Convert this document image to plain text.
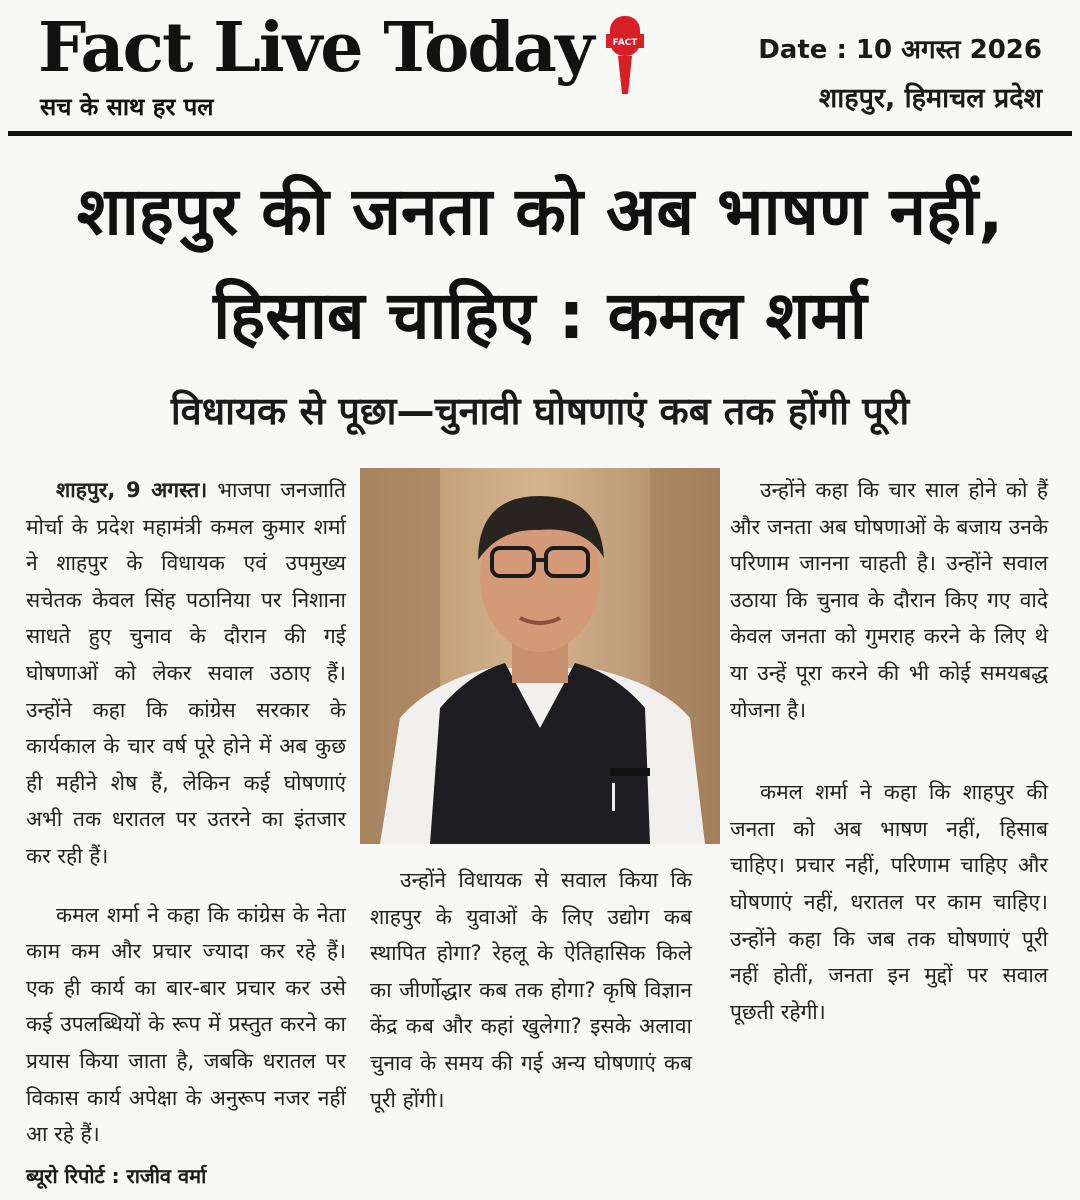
Fact Live Today FACT
सच के साथ हर पल
Date : 10 अगस्त 2026
शाहपुर, हिमाचल प्रदेश
शाहपुर की जनता को अब भाषण नहीं,
हिसाब चाहिए : कमल शर्मा
विधायक से पूछा—चुनावी घोषणाएं कब तक होंगी पूरी

शाहपुर, 9 अगस्त। भाजपा जनजाति मोर्चा के प्रदेश महामंत्री कमल कुमार शर्मा ने शाहपुर के विधायक एवं उपमुख्य सचेतक केवल सिंह पठानिया पर निशाना साधते हुए चुनाव के दौरान की गई घोषणाओं को लेकर सवाल उठाए हैं। उन्होंने कहा कि कांग्रेस सरकार के कार्यकाल के चार वर्ष पूरे होने में अब कुछ ही महीने शेष हैं, लेकिन कई घोषणाएं अभी तक धरातल पर उतरने का इंतजार कर रही हैं।

कमल शर्मा ने कहा कि कांग्रेस के नेता काम कम और प्रचार ज्यादा कर रहे हैं। एक ही कार्य का बार-बार प्रचार कर उसे कई उपलब्धियों के रूप में प्रस्तुत करने का प्रयास किया जाता है, जबकि धरातल पर विकास कार्य अपेक्षा के अनुरूप नजर नहीं आ रहे हैं।

ब्यूरो रिपोर्ट : राजीव वर्मा

उन्होंने विधायक से सवाल किया कि शाहपुर के युवाओं के लिए उद्योग कब स्थापित होगा? रेहलू के ऐतिहासिक किले का जीर्णोद्धार कब तक होगा? कृषि विज्ञान केंद्र कब और कहां खुलेगा? इसके अलावा चुनाव के समय की गई अन्य घोषणाएं कब पूरी होंगी।

उन्होंने कहा कि चार साल होने को हैं और जनता अब घोषणाओं के बजाय उनके परिणाम जानना चाहती है। उन्होंने सवाल उठाया कि चुनाव के दौरान किए गए वादे केवल जनता को गुमराह करने के लिए थे या उन्हें पूरा करने की भी कोई समयबद्ध योजना है।

कमल शर्मा ने कहा कि शाहपुर की जनता को अब भाषण नहीं, हिसाब चाहिए। प्रचार नहीं, परिणाम चाहिए और घोषणाएं नहीं, धरातल पर काम चाहिए। उन्होंने कहा कि जब तक घोषणाएं पूरी नहीं होतीं, जनता इन मुद्दों पर सवाल पूछती रहेगी।
